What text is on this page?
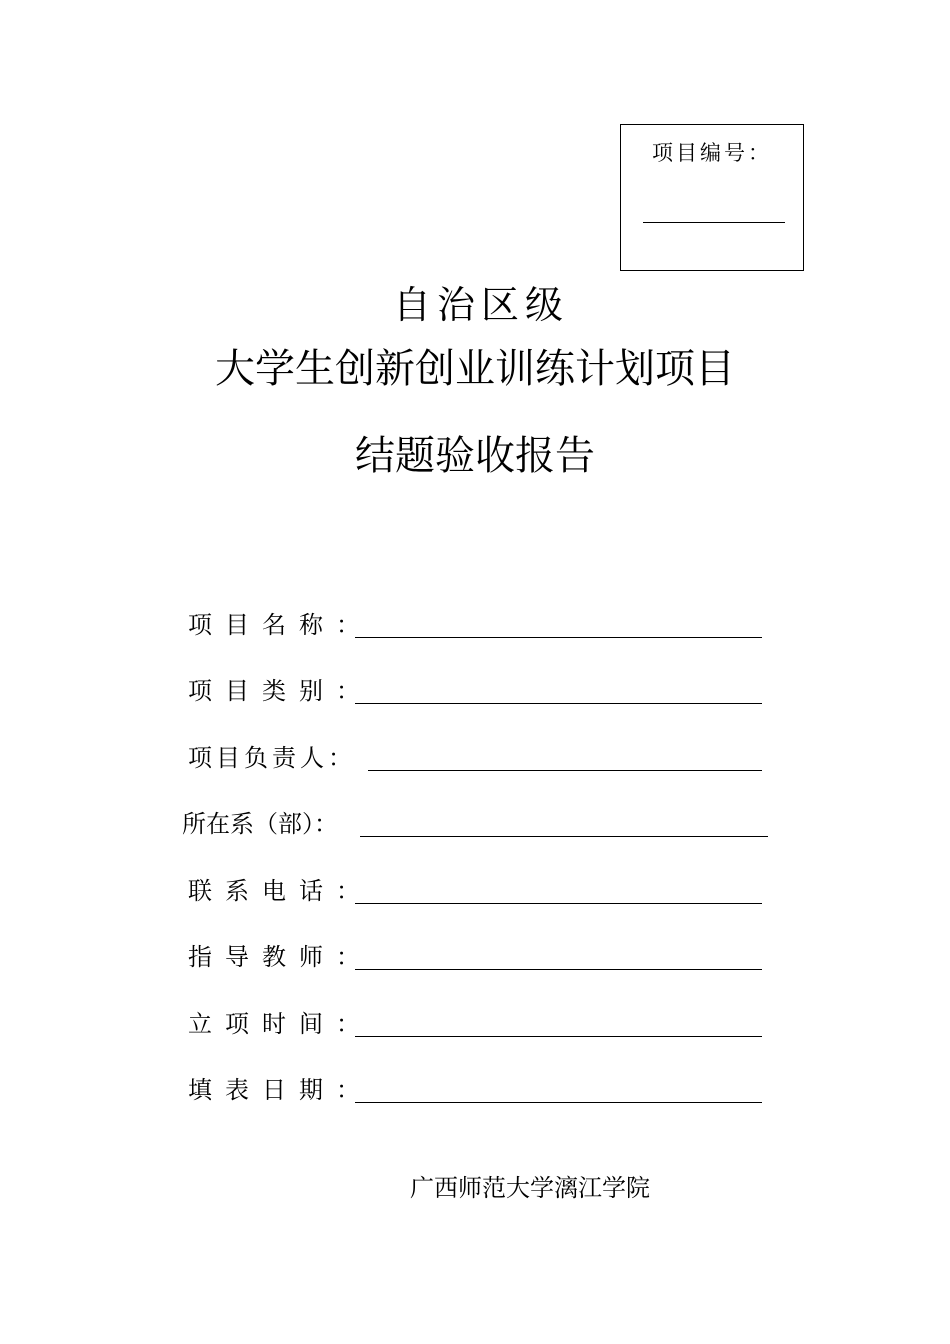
项目编号：
自治区级
大学生创新创业训练计划项目
结题验收报告
项目名称：
项目类别：
项目负责人：
所在系（部）：
联系电话：
指导教师：
立项时间：
填表日期：
广西师范大学漓江学院
